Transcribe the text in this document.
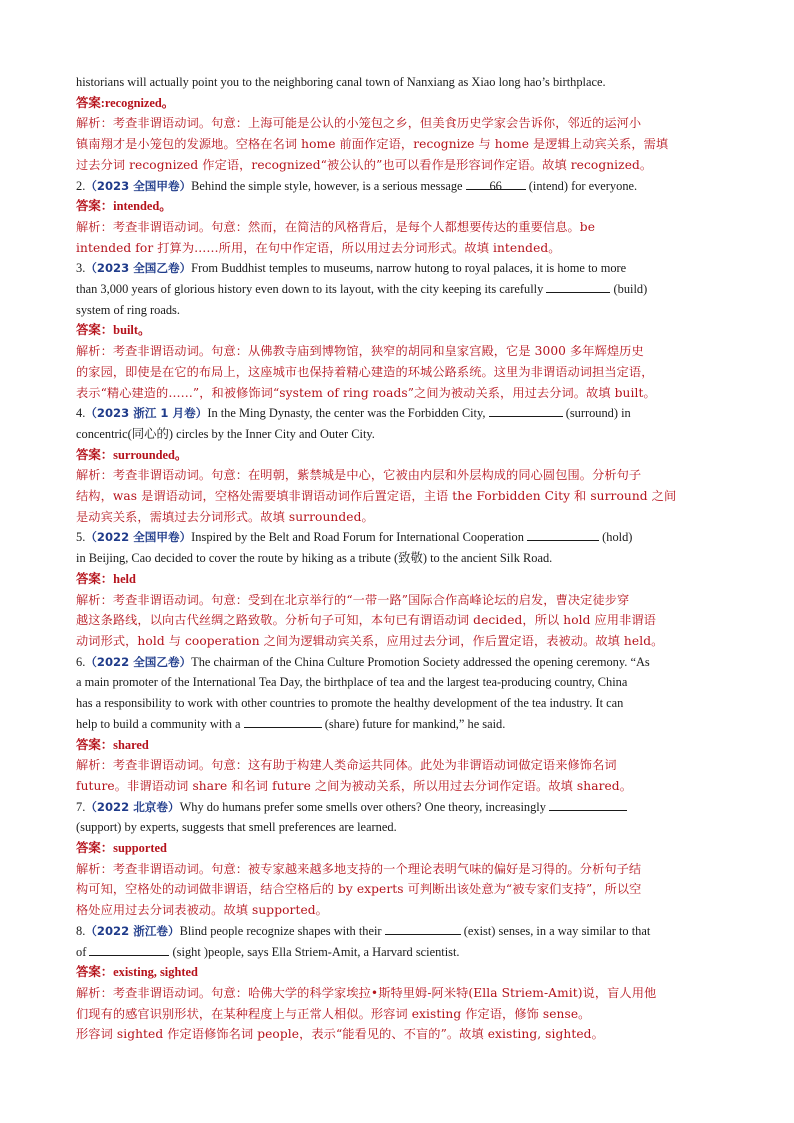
historians will actually point you to the neighboring canal town of Nanxiang as Xiao long hao’s birthplace.
答案:recognized。
解析：考查非谓语动词。句意：上海可能是公认的小笼包之乡，但美食历史学家会告诉你，邻近的运河小
镇南翔才是小笼包的发源地。空格在名词 home 前面作定语，recognize 与 home 是逻辑上动宾关系，需填
过去分词 recognized 作定语，recognized“被公认的”也可以看作是形容词作定语。故填 recognized。
2.（2023 全国甲卷）Behind the simple style, however, is a serious message 66 (intend) for everyone.
答案：intended。
解析：考查非谓语动词。句意：然而，在简洁的风格背后，是每个人都想要传达的重要信息。be
intended for 打算为……所用，在句中作定语，所以用过去分词形式。故填 intended。
3.（2023 全国乙卷）From Buddhist temples to museums, narrow hutong to royal palaces, it is home to more
than 3,000 years of glorious history even down to its layout, with the city keeping its carefully	(build)
system of ring roads.
答案：built。
解析：考查非谓语动词。句意：从佛教寺庙到博物馆，狭窄的胡同和皇家宫殿，它是 3000 多年辉煌历史
的家园，即使是在它的布局上，这座城市也保持着精心建造的环城公路系统。这里为非谓语动词担当定语，
表示“精心建造的……”，和被修饰词“system of ring roads”之间为被动关系，用过去分词。故填 built。
4.（2023 浙江 1 月卷）In the Ming Dynasty, the center was the Forbidden City,	(surround) in
concentric(同心的) circles by the Inner City and Outer City.
答案：surrounded。
解析：考查非谓语动词。句意：在明朝，紫禁城是中心，它被由内层和外层构成的同心圆包围。分析句子
结构，was 是谓语动词，空格处需要填非谓语动词作后置定语，主语 the Forbidden City 和 surround 之间
是动宾关系，需填过去分词形式。故填 surrounded。
5.（2022 全国甲卷）Inspired by the Belt and Road Forum for International Cooperation	(hold)
in Beijing, Cao decided to cover the route by hiking as a tribute (致敬) to the ancient Silk Road.
答案：held
解析：考查非谓语动词。句意：受到在北京举行的“一带一路”国际合作高峰论坛的启发，曹决定徒步穿
越这条路线，以向古代丝绸之路致敬。分析句子可知，本句已有谓语动词 decided，所以 hold 应用非谓语
动词形式，hold 与 cooperation 之间为逻辑动宾关系，应用过去分词，作后置定语，表被动。故填 held。
6.（2022 全国乙卷）The chairman of the China Culture Promotion Society addressed the opening ceremony. “As
a main promoter of the International Tea Day, the birthplace of tea and the largest tea-producing country, China
has a responsibility to work with other countries to promote the healthy development of the tea industry. It can
help to build a community with a	(share) future for mankind,” he said.
答案：shared
解析：考查非谓语动词。句意：这有助于构建人类命运共同体。此处为非谓语动词做定语来修饰名词
future。非谓语动词 share 和名词 future 之间为被动关系，所以用过去分词作定语。故填 shared。
7.（2022 北京卷）Why do humans prefer some smells over others? One theory, increasingly
(support) by experts, suggests that smell preferences are learned.
答案：supported
解析：考查非谓语动词。句意：被专家越来越多地支持的一个理论表明气味的偏好是习得的。分析句子结
构可知，空格处的动词做非谓语，结合空格后的 by experts 可判断出该处意为“被专家们支持”，所以空
格处应用过去分词表被动。故填 supported。
8.（2022 浙江卷）Blind people recognize shapes with their	(exist) senses, in a way similar to that
of	(sight )people, says Ella Striem-Amit, a Harvard scientist.
答案：existing, sighted
解析：考查非谓语动词。句意：哈佛大学的科学家埃拉•斯特里姆-阿米特(Ella Striem-Amit)说，盲人用他
们现有的感官识别形状，在某种程度上与正常人相似。形容词 existing 作定语，修饰 sense。
形容词 sighted 作定语修饰名词 people，表示“能看见的、不盲的”。故填 existing, sighted。
